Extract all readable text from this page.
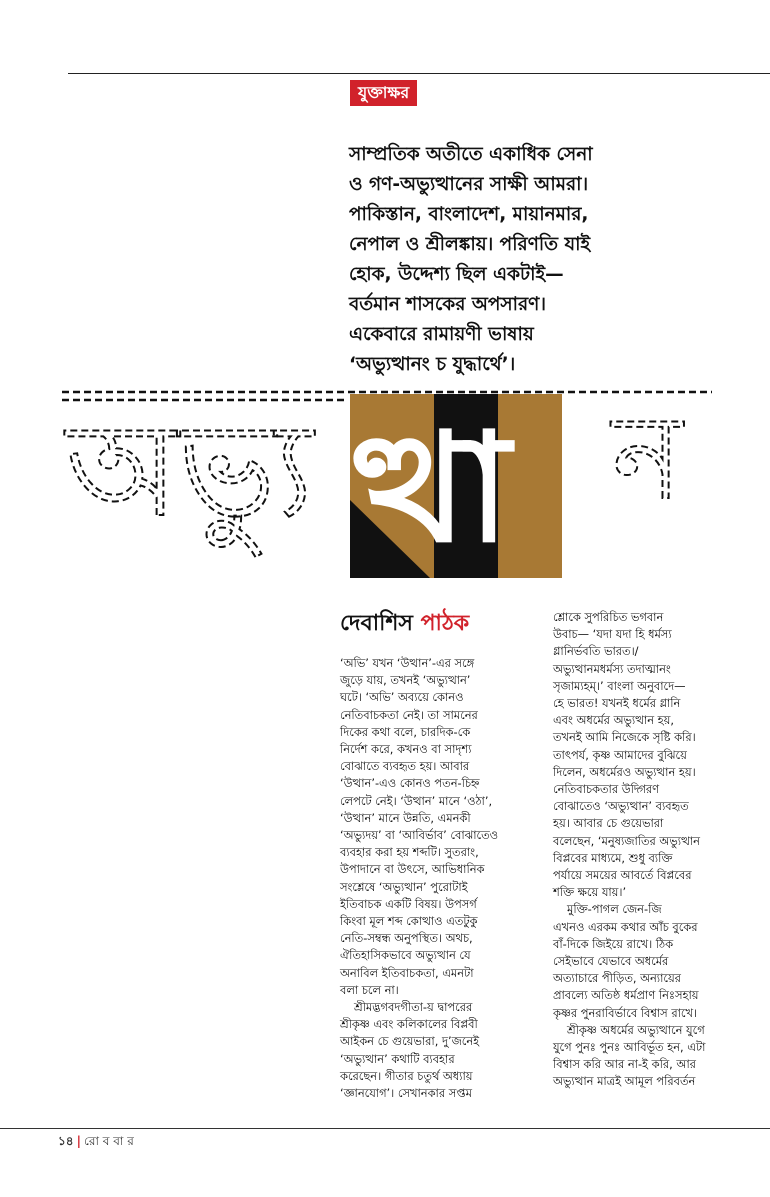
যুক্তাক্ষর

সাম্প্রতিক অতীতে একাধিক সেনা

ও গণ-অভ্যুত্থানের সাক্ষী আমরা।

পাকিস্তান, বাংলাদেশ, মায়ানমার,

নেপাল ও শ্রীলঙ্কায়। পরিণতি যাই

হোক, উদ্দেশ্য ছিল একটাই—

বর্তমান শাসকের অপসারণ।

একেবারে রামায়ণী ভাষায়

‘অভ্যুত্থানং চ যুদ্ধার্থে’।

অভ্যু ত্থা ন
দেবাশিস পাঠক

‘অভি’ যখন ‘উত্থান’-এর সঙ্গে

জুড়ে যায়, তখনই ‘অভ্যুত্থান’

ঘটে। ‘অভি’ অব্যয়ে কোনও

নেতিবাচকতা নেই। তা সামনের

দিকের কথা বলে, চারদিক-কে

নির্দেশ করে, কখনও বা সাদৃশ্য

বোঝাতে ব্যবহৃত হয়। আবার

‘উত্থান’-এও কোনও পতন-চিহ্ন

লেপটে নেই। ‘উত্থান’ মানে ‘ওঠা’,

‘উত্থান’ মানে উন্নতি, এমনকী

‘অভ্যুদয়’ বা ‘আবির্ভাব’ বোঝাতেও

ব্যবহার করা হয় শব্দটি। সুতরাং,

উপাদানে বা উৎসে, আভিধানিক

সংশ্লেষে ‘অভ্যুত্থান’ পুরোটাই

ইতিবাচক একটি বিষয়। উপসর্গ

কিংবা মূল শব্দ কোত্থাও এতটুকু

নেতি-সম্বন্ধ অনুপস্থিত। অথচ,

ঐতিহাসিকভাবে অভ্যুত্থান যে

অনাবিল ইতিবাচকতা, এমনটা

বলা চলে না।

শ্রীমদ্ভগবদগীতা-য় দ্বাপরের

শ্রীকৃষ্ণ এবং কলিকালের বিপ্লবী

আইকন চে গুয়েভারা, দু’জনেই

‘অভ্যুত্থান’ কথাটি ব্যবহার

করেছেন। গীতার চতুর্থ অধ্যায়

‘জ্ঞানযোগ’। সেখানকার সপ্তম

শ্লোকে সুপরিচিত ভগবান

উবাচ— ‘যদা যদা হি ধর্মস্য

গ্লানির্ভবতি ভারত।/

অভ্যুত্থানমধর্মস্য তদাত্মানং

সৃজাম্যহম্‌।’ বাংলা অনুবাদে—

হে ভারত! যখনই ধর্মের গ্লানি

এবং অধর্মের অভ্যুত্থান হয়,

তখনই আমি নিজেকে সৃষ্টি করি।

তাৎপর্য, কৃষ্ণ আমাদের বুঝিয়ে

দিলেন, অধর্মেরও অভ্যুত্থান হয়।

নেতিবাচকতার উদ্গিরণ

বোঝাতেও ‘অভ্যুত্থান’ ব্যবহৃত

হয়। আবার চে গুয়েভারা

বলেছেন, ‘মনুষ্যজাতির অভ্যুত্থান

বিপ্লবের মাধ্যমে, শুধু ব্যক্তি

পর্যায়ে সময়ের আবর্তে বিপ্লবের

শক্তি ক্ষয়ে যায়।’

মুক্তি-পাগল জেন-জি

এখনও এরকম কথার আঁচ বুকের

বাঁ-দিকে জিইয়ে রাখে। ঠিক

সেইভাবে যেভাবে অধর্মের

অত্যাচারে পীড়িত, অন্যায়ের

প্রাবল্যে অতিষ্ঠ ধর্মপ্রাণ নিঃসহায়

কৃষ্ণর পুনরাবির্ভাবে বিশ্বাস রাখে।

শ্রীকৃষ্ণ অধর্মের অভ্যুত্থানে যুগে

যুগে পুনঃ পুনঃ আবির্ভূত হন, এটা

বিশ্বাস করি আর না-ই করি, আর

অভ্যুত্থান মাত্রই আমূল পরিবর্তন

১৪ | রো ব বা র
